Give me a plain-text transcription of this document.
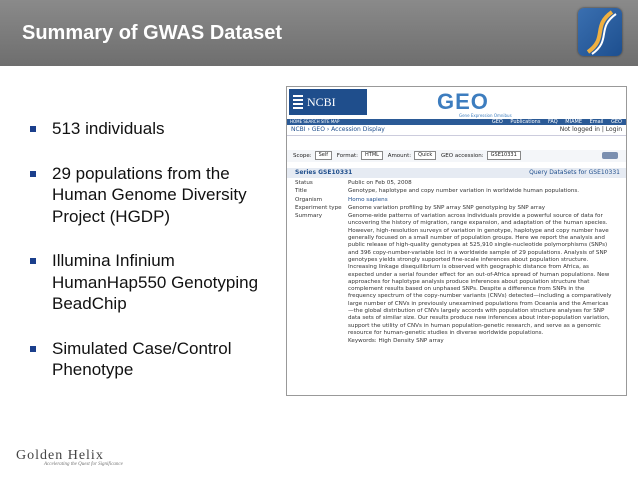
Summary of GWAS Dataset
513 individuals
29 populations from the Human Genome Diversity Project (HGDP)
Illumina Infinium HumanHap550 Genotyping BeadChip
Simulated Case/Control Phenotype
NCBI	GEO
Gene Expression Omnibus
HOME SEARCH SITE MAP	GEO Publications FAQ MIAME Email GEO
NCBI › GEO › Accession Display	Not logged in | Login
Scope: Self Format: HTML Amount: Quick GEO accession: GSE10331
Series GSE10331	Query DataSets for GSE10331
Status	Public on Feb 05, 2008
Title	Genotype, haplotype and copy number variation in worldwide human populations.
Organism	Homo sapiens
Experiment type	Genome variation profiling by SNP array SNP genotyping by SNP array
Summary	Genome-wide patterns of variation across individuals provide a powerful source of data for uncovering the history of migration, range expansion, and adaptation of the human species. However, high-resolution surveys of variation in genotype, haplotype and copy number have generally focused on a small number of population groups. Here we report the analysis and public release of high-quality genotypes at 525,910 single-nucleotide polymorphisms (SNPs) and 396 copy-number-variable loci in a worldwide sample of 29 populations. Analysis of SNP genotypes yields strongly supported fine-scale inferences about population structure. Increasing linkage disequilibrium is observed with geographic distance from Africa, as expected under a serial founder effect for an out-of-Africa spread of human populations. New approaches for haplotype analysis produce inferences about population structure that complement results based on unphased SNPs. Despite a difference from SNPs in the frequency spectrum of the copy-number variants (CNVs) detected—including a comparatively large number of CNVs in previously unexamined populations from Oceania and the Americas—the global distribution of CNVs largely accords with population structure analyses for SNP data sets of similar size. Our results produce new inferences about inter-population variation, support the utility of CNVs in human population-genetic research, and serve as a genomic resource for human-genetic studies in diverse worldwide populations.
	Keywords: High Density SNP array
Golden Helix
Accelerating the Quest for Significance
